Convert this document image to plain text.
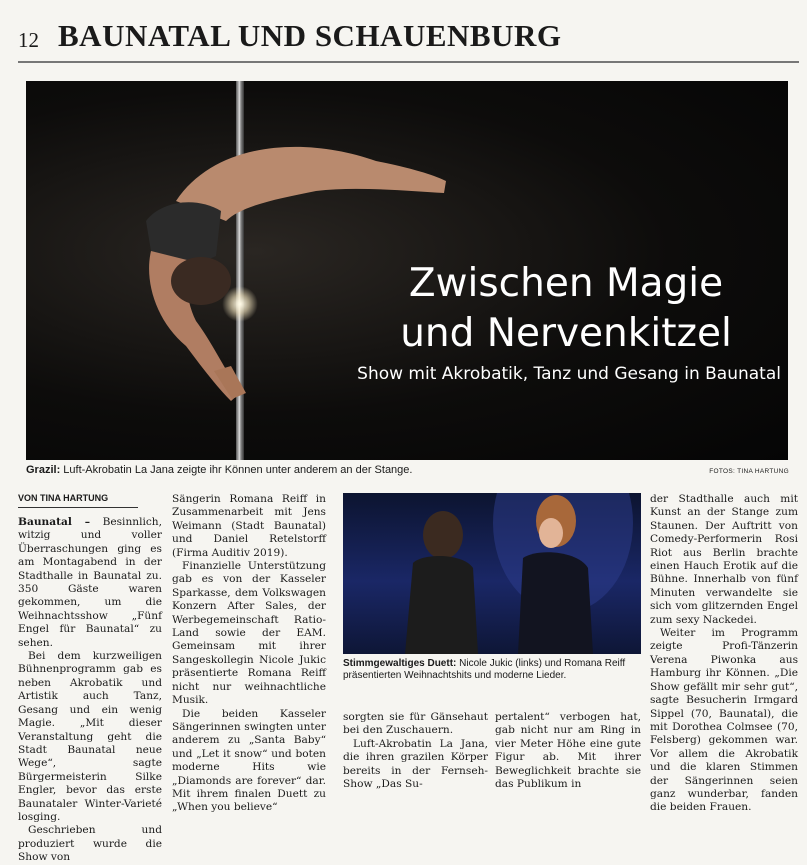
12 BAUNATAL UND SCHAUENBURG
Zwischen Magie
und Nervenkitzel
Show mit Akrobatik, Tanz und Gesang in Baunatal
Grazil: Luft-Akrobatin La Jana zeigte ihr Können unter anderem an der Stange.	FOTOS: TINA HARTUNG
VON TINA HARTUNG

Baunatal – Besinnlich, witzig und voller Überraschungen ging es am Montagabend in der Stadthalle in Baunatal zu. 350 Gäste waren gekommen, um die Weihnachtsshow „Fünf Engel für Baunatal“ zu sehen.

Bei dem kurzweiligen Bühnenprogramm gab es neben Akrobatik und Artistik auch Tanz, Gesang und ein wenig Magie. „Mit dieser Veranstaltung geht die Stadt Baunatal neue Wege“, sagte Bürgermeisterin Silke Engler, bevor das erste Baunataler Winter-Varieté losging.

Geschrieben und produziert wurde die Show von

Sängerin Romana Reiff in Zusammenarbeit mit Jens Weimann (Stadt Baunatal) und Daniel Retelstorff (Firma Auditiv 2019).

Finanzielle Unterstützung gab es von der Kasseler Sparkasse, dem Volkswagen Konzern After Sales, der Werbegemeinschaft Ratio-Land sowie der EAM. Gemeinsam mit ihrer Sangeskollegin Nicole Jukic präsentierte Romana Reiff nicht nur weihnachtliche Musik.

Die beiden Kasseler Sängerinnen swingten unter anderem zu „Santa Baby“ und „Let it snow“ und boten moderne Hits wie „Diamonds are forever“ dar. Mit ihrem finalen Duett zu „When you believe“

Stimmgewaltiges Duett: Nicole Jukic (links) und Romana Reiff präsentierten Weihnachtshits und moderne Lieder.

sorgten sie für Gänsehaut bei den Zuschauern.

Luft-Akrobatin La Jana, die ihren grazilen Körper bereits in der Fernseh-Show „Das Su-

pertalent“ verbogen hat, gab nicht nur am Ring in vier Meter Höhe eine gute Figur ab. Mit ihrer Beweglichkeit brachte sie das Publikum in

der Stadthalle auch mit Kunst an der Stange zum Staunen. Der Auftritt von Comedy-Performerin Rosi Riot aus Berlin brachte einen Hauch Erotik auf die Bühne. Innerhalb von fünf Minuten verwandelte sie sich vom glitzernden Engel zum sexy Nackedei.

Weiter im Programm zeigte Profi-Tänzerin Verena Piwonka aus Hamburg ihr Können. „Die Show gefällt mir sehr gut“, sagte Besucherin Irmgard Sippel (70, Baunatal), die mit Dorothea Colmsee (70, Felsberg) gekommen war. Vor allem die Akrobatik und die klaren Stimmen der Sängerinnen seien ganz wunderbar, fanden die beiden Frauen.
